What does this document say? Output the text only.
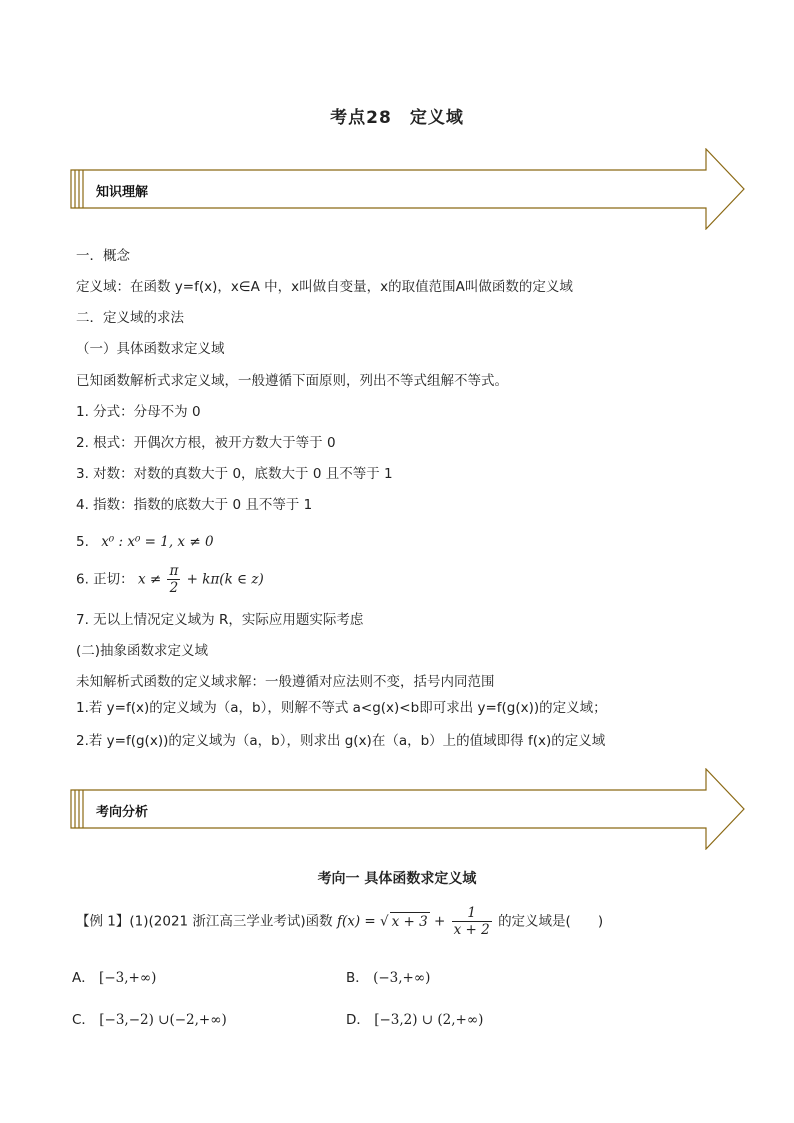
考点28　定义域
知识理解
一．概念
定义域：在函数 y=f(x)，x∈A 中，x叫做自变量，x的取值范围A叫做函数的定义域
二．定义域的求法
（一）具体函数求定义域
已知函数解析式求定义域，一般遵循下面原则，列出不等式组解不等式。
1. 分式：分母不为 0
2. 根式：开偶次方根，被开方数大于等于 0
3. 对数：对数的真数大于 0，底数大于 0 且不等于 1
4. 指数：指数的底数大于 0 且不等于 1
5. x⁰ : x⁰ = 1, x ≠ 0
6. 正切： $x \ne \frac{\pi}{2} + k\pi(k$ ∈ z)
7. 无以上情况定义域为 R，实际应用题实际考虑
(二)抽象函数求定义域
未知解析式函数的定义域求解：一般遵循对应法则不变，括号内同范围
1.若 y=f(x)的定义域为（a，b），则解不等式 a<g(x)<b即可求出 y=f(g(x))的定义域；
2.若 y=f(g(x))的定义域为（a，b），则求出 g(x)在（a，b）上的值域即得 f(x)的定义域
考向分析
考向一 具体函数求定义域
【例 1】(1)(2021 浙江高三学业考试)函数 f(x) = √ $x + 3 + \frac{1}{x + 2}$ 的定义域是(　　)
A． [−3,+∞)	B． (−3,+∞)
C． [−3,−2) ∪(−2,+∞)	D． [−3,2) ∪ (2,+∞)
